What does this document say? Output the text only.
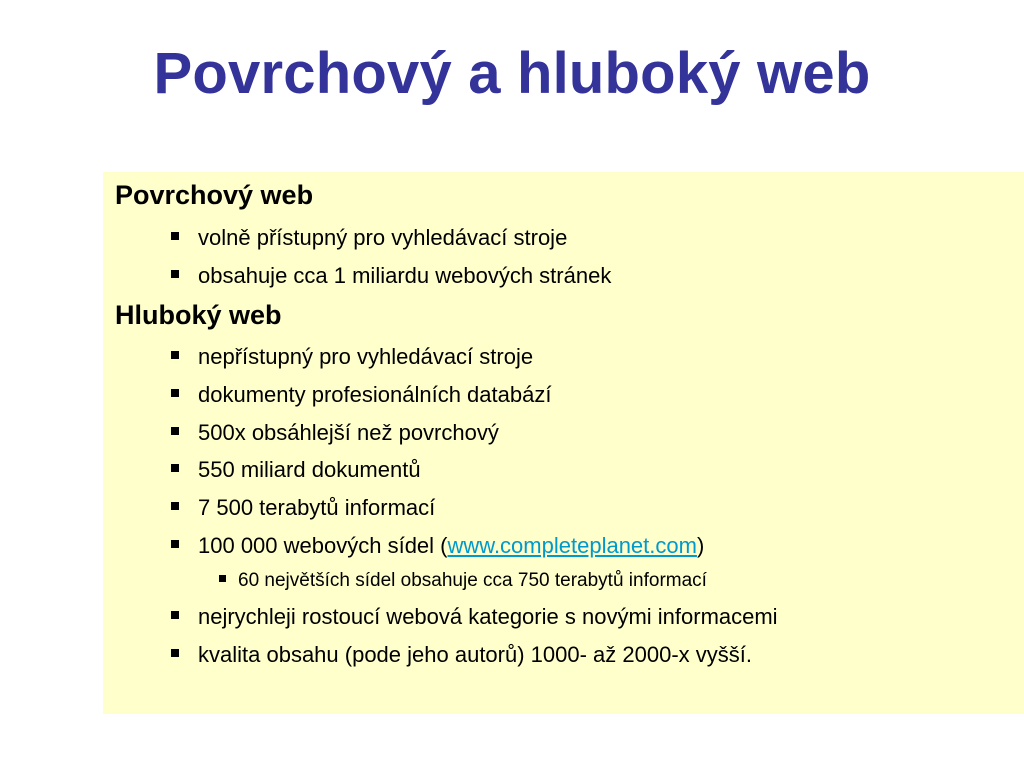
Povrchový a hluboký web
Povrchový web
volně přístupný pro vyhledávací stroje
obsahuje cca 1 miliardu webových stránek
Hluboký web
nepřístupný pro vyhledávací stroje
dokumenty profesionálních databází
500x obsáhlejší než povrchový
550 miliard dokumentů
7 500 terabytů informací
100 000 webových sídel (www.completeplanet.com)
60 největších sídel obsahuje cca 750 terabytů informací
nejrychleji rostoucí webová kategorie s novými informacemi
kvalita obsahu (pode jeho autorů) 1000- až 2000-x vyšší.
